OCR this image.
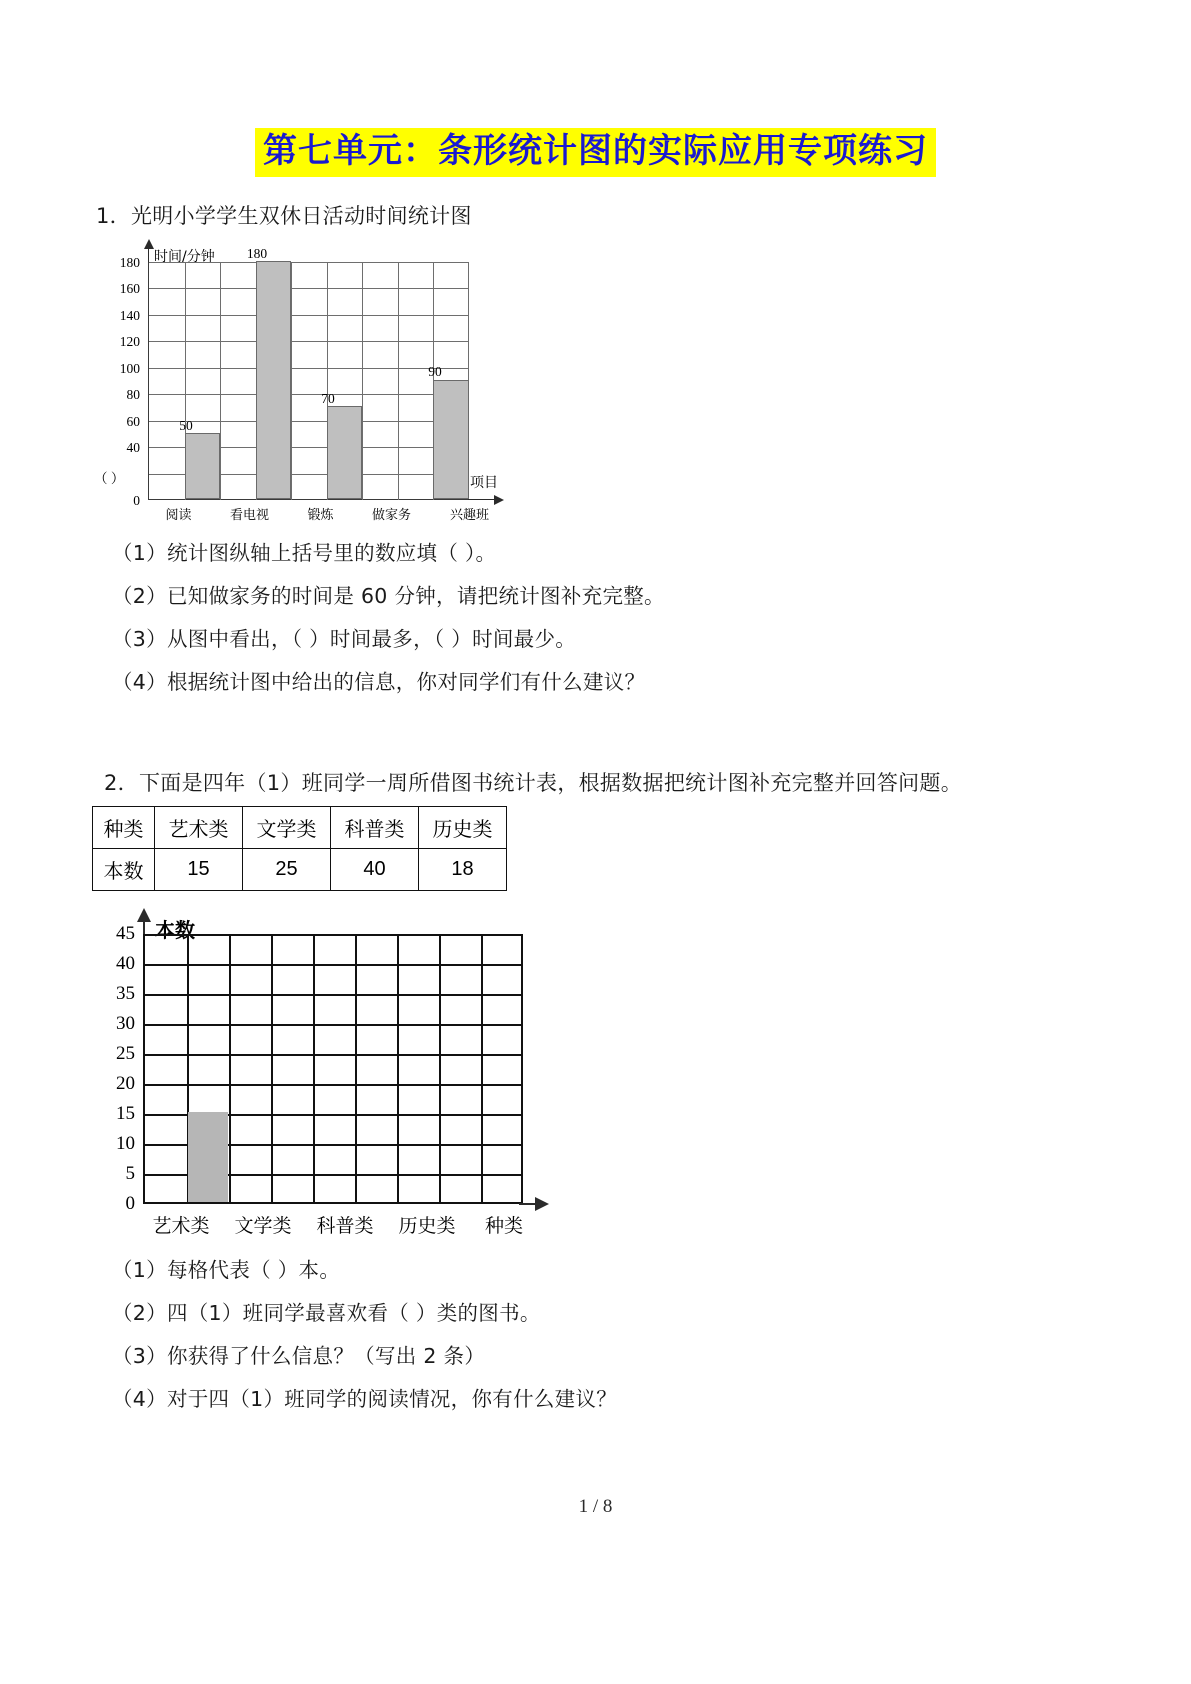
第七单元：条形统计图的实际应用专项练习
1．光明小学学生双休日活动时间统计图
时间/分钟
180
160
140
120
100
80
60
40
（ ）
0
50
180
70
90
项目
阅读	看电视	锻炼	做家务	兴趣班
（1）统计图纵轴上括号里的数应填（ ）。
（2）已知做家务的时间是 60 分钟，请把统计图补充完整。
（3）从图中看出，（ ）时间最多，（ ）时间最少。
（4）根据统计图中给出的信息，你对同学们有什么建议？
2．下面是四年（1）班同学一周所借图书统计表，根据数据把统计图补充完整并回答问题。
种类	艺术类	文学类	科普类	历史类
本数	15	25	40	18
本数
45
40
35
30
25
20
15
10
5
0
艺术类	文学类	科普类	历史类	种类
（1）每格代表（ ）本。
（2）四（1）班同学最喜欢看（ ）类的图书。
（3）你获得了什么信息？（写出 2 条）
（4）对于四（1）班同学的阅读情况，你有什么建议？
1 / 8
